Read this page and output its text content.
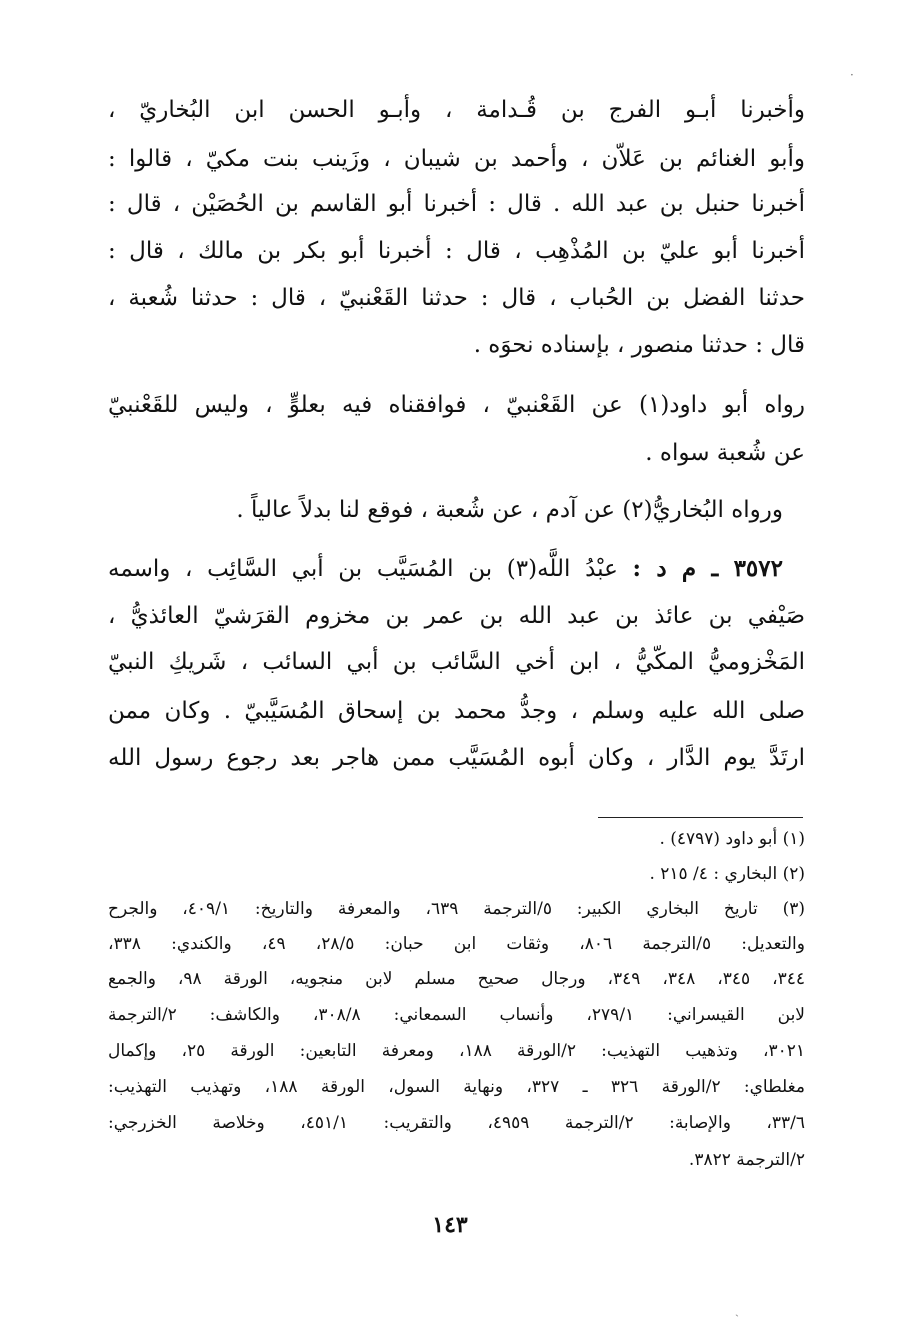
وأخبرنا أبـو الفرج بن قُـدامة ، وأبـو الحسن ابن البُخاريّ ،
وأبو الغنائم بن عَلاّن ، وأحمد بن شيبان ، وزَينب بنت مكيّ ، قالوا :
أخبرنا حنبل بن عبد الله . قال : أخبرنا أبو القاسم بن الحُصَيْن ، قال :
أخبرنا أبو عليّ بن المُذْهِب ، قال : أخبرنا أبو بكر بن مالك ، قال :
حدثنا الفضل بن الحُباب ، قال : حدثنا القَعْنبيّ ، قال : حدثنا شُعبة ،
قال : حدثنا منصور ، بإسناده نحوَه .
رواه أبو داود(١) عن القَعْنبيّ ، فوافقناه فيه بعلوٍّ ، وليس للقَعْنبيّ
عن شُعبة سواه .
ورواه البُخاريُّ(٢) عن آدم ، عن شُعبة ، فوقع لنا بدلاً عالياً .
٣٥٧٢ ـ م د : عبْدُ اللَّه(٣) بن المُسَيَّب بن أبي السَّائِب ، واسمه
صَيْفي بن عائذ بن عبد الله بن عمر بن مخزوم القرَشيّ العائذيُّ ،
المَخْزوميُّ المكّيُّ ، ابن أخي السَّائب بن أبي السائب ، شَريكِ النبيّ
صلى الله عليه وسلم ، وجدُّ محمد بن إسحاق المُسَيَّبيّ . وكان ممن
ارتَدَّ يوم الدَّار ، وكان أبوه المُسَيَّب ممن هاجر بعد رجوع رسول الله
(١) أبو داود (٤٧٩٧) .
(٢) البخاري : ٤/ ٢١٥ .
(٣) تاريخ البخاري الكبير: ٥/الترجمة ٦٣٩، والمعرفة والتاريخ: ٤٠٩/١، والجرح
والتعديل: ٥/الترجمة ٨٠٦، وثقات ابن حبان: ٢٨/٥، ٤٩، والكندي: ٣٣٨،
٣٤٤، ٣٤٥، ٣٤٨، ٣٤٩، ورجال صحيح مسلم لابن منجويه، الورقة ٩٨، والجمع
لابن القيسراني: ٢٧٩/١، وأنساب السمعاني: ٣٠٨/٨، والكاشف: ٢/الترجمة
٣٠٢١، وتذهيب التهذيب: ٢/الورقة ١٨٨، ومعرفة التابعين: الورقة ٢٥، وإكمال
مغلطاي: ٢/الورقة ٣٢٦ ـ ٣٢٧، ونهاية السول، الورقة ١٨٨، وتهذيب التهذيب:
٣٣/٦، والإصابة: ٢/الترجمة ٤٩٥٩، والتقريب: ٤٥١/١، وخلاصة الخزرجي:
٢/الترجمة ٣٨٢٢.
١٤٣
·
ˏ
